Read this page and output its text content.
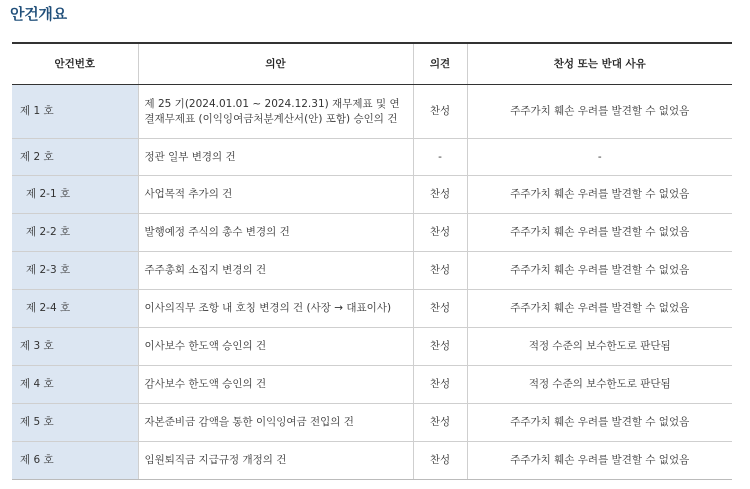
안건개요
안건번호	의안	의견	찬성 또는 반대 사유
제 1 호	제 25 기(2024.01.01 ~ 2024.12.31) 재무제표 및 연결재무제표 (이익잉여금처분계산서(안) 포함) 승인의 건	찬성	주주가치 훼손 우려를 발견할 수 없었음
제 2 호	정관 일부 변경의 건	-	-
제 2-1 호	사업목적 추가의 건	찬성	주주가치 훼손 우려를 발견할 수 없었음
제 2-2 호	발행예정 주식의 총수 변경의 건	찬성	주주가치 훼손 우려를 발견할 수 없었음
제 2-3 호	주주총회 소집지 변경의 건	찬성	주주가치 훼손 우려를 발견할 수 없었음
제 2-4 호	이사의직무 조항 내 호칭 변경의 건 (사장 → 대표이사)	찬성	주주가치 훼손 우려를 발견할 수 없었음
제 3 호	이사보수 한도액 승인의 건	찬성	적정 수준의 보수한도로 판단됨
제 4 호	감사보수 한도액 승인의 건	찬성	적정 수준의 보수한도로 판단됨
제 5 호	자본준비금 감액을 통한 이익잉여금 전입의 건	찬성	주주가치 훼손 우려를 발견할 수 없었음
제 6 호	임원퇴직금 지급규정 개정의 건	찬성	주주가치 훼손 우려를 발견할 수 없었음
